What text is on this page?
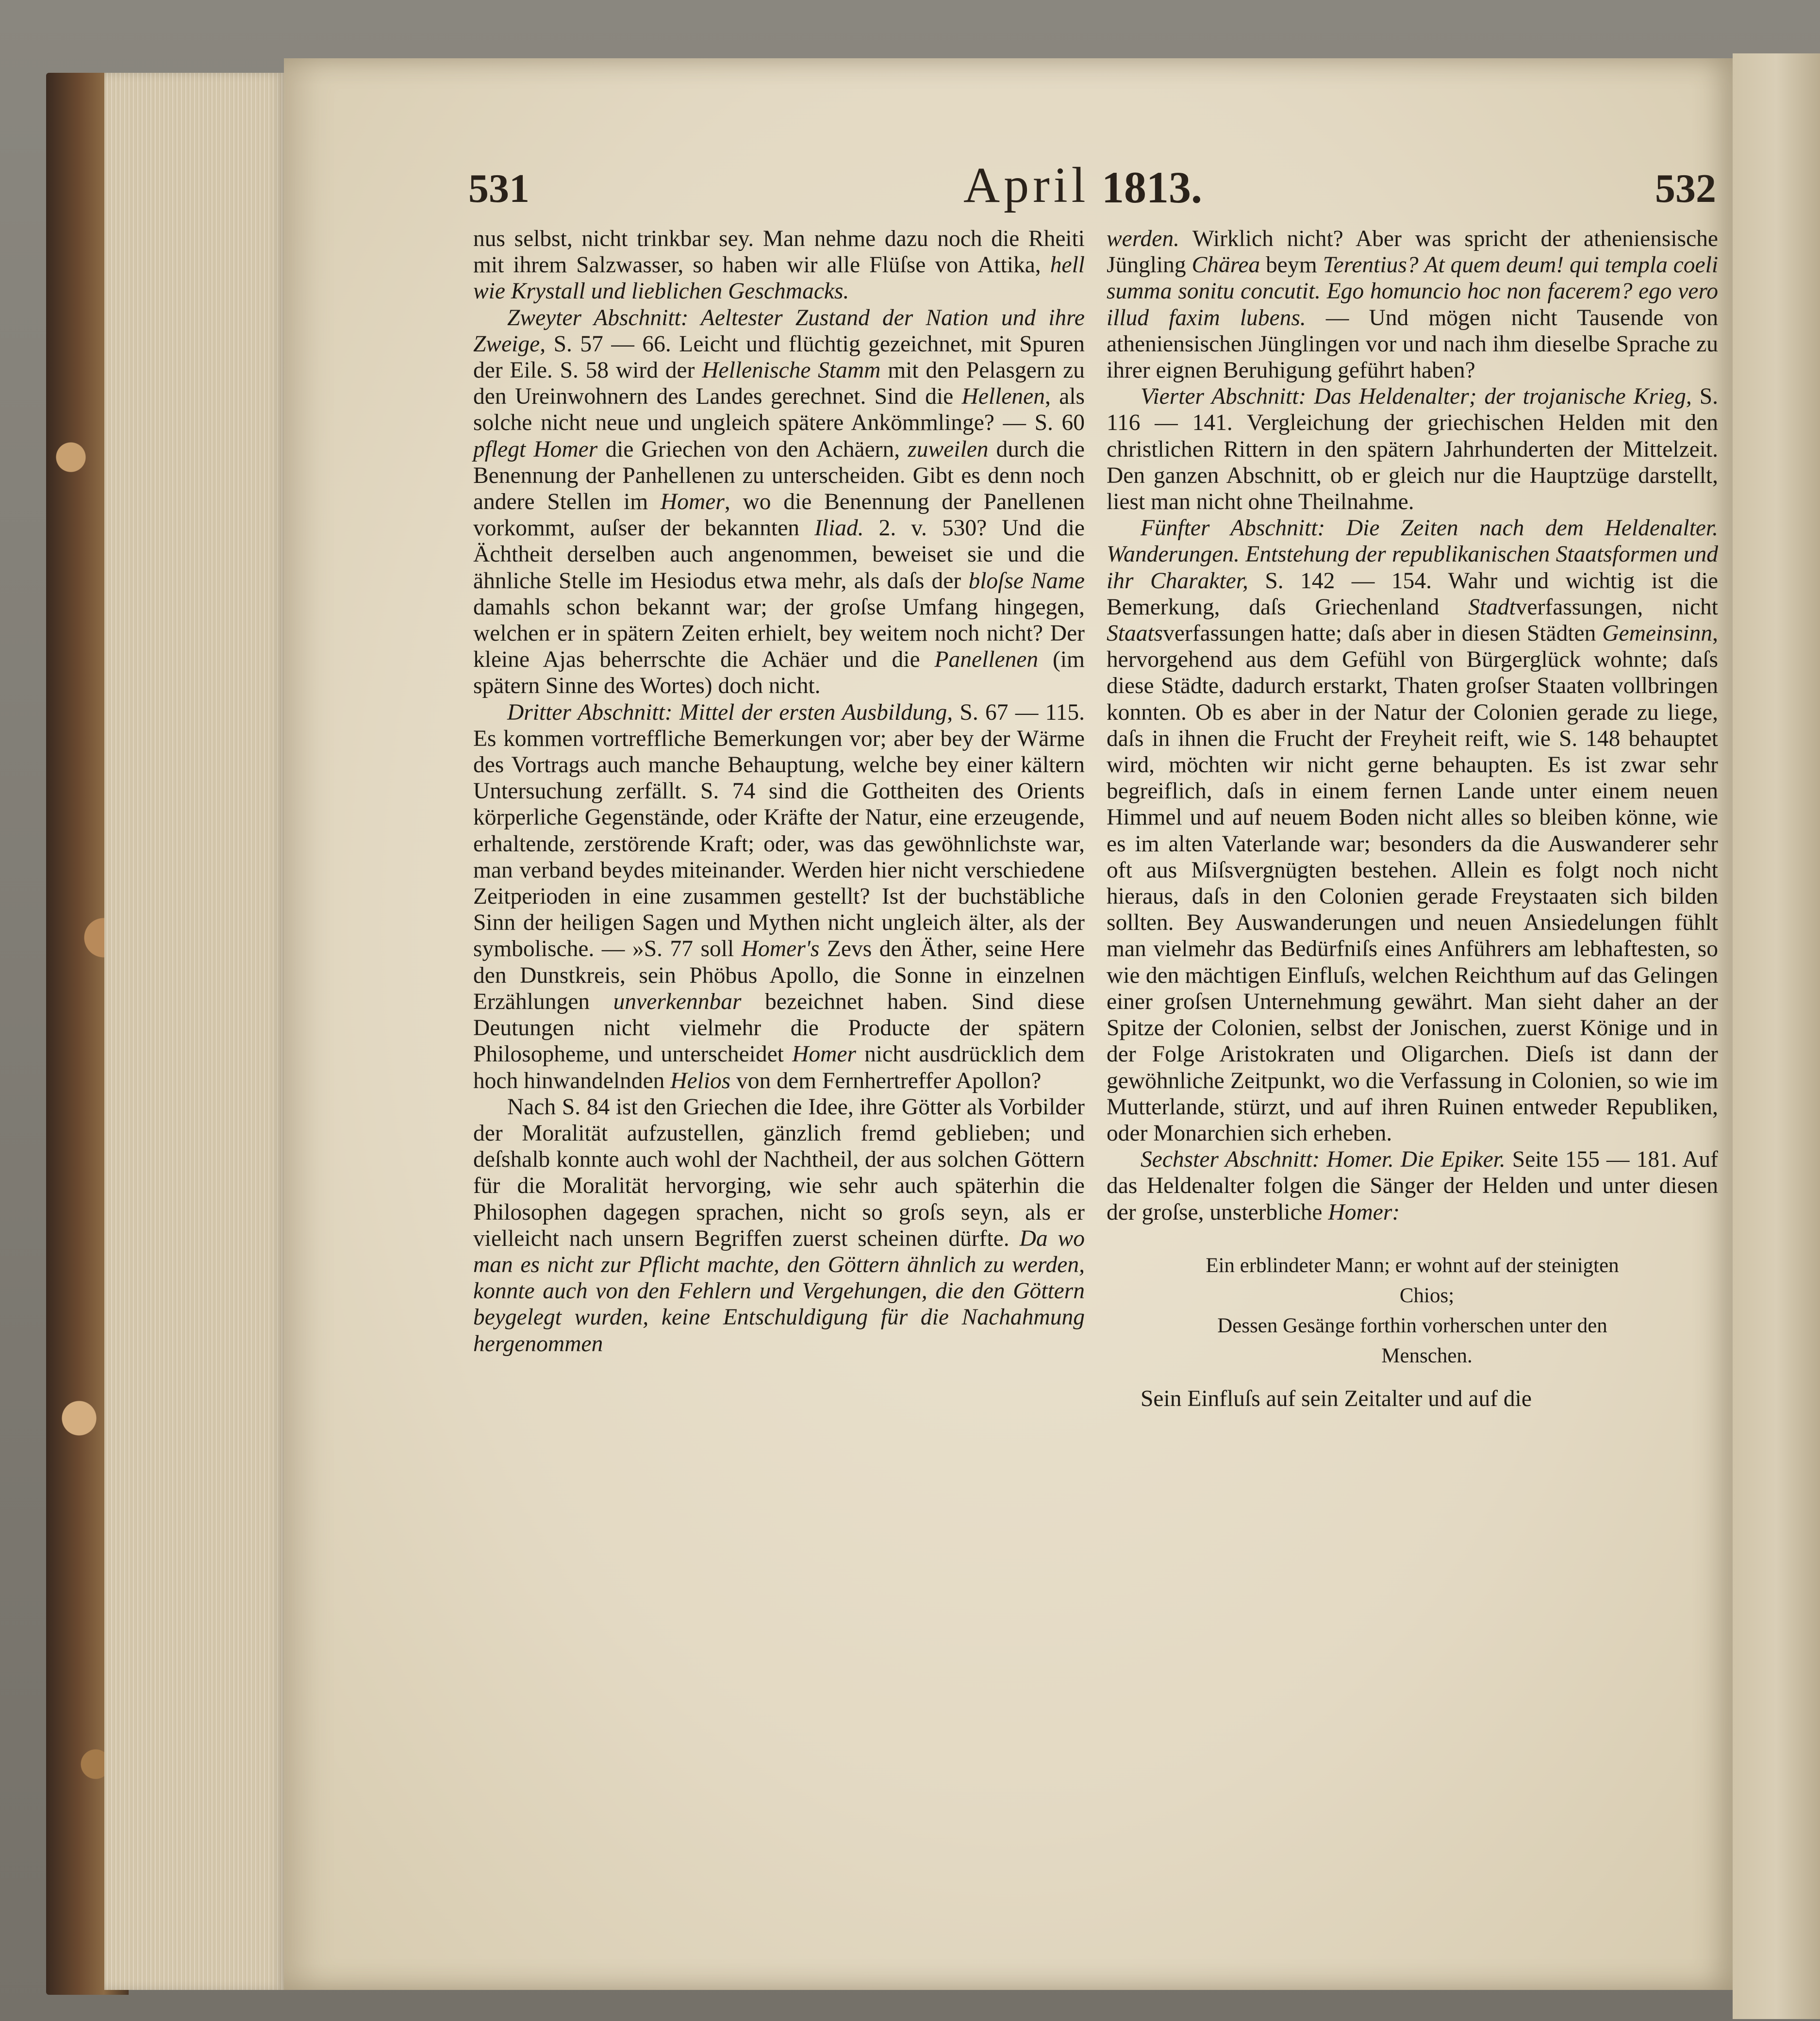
531	April 1813.	532

nus selbst, nicht trinkbar sey. Man nehme dazu noch die Rheiti mit ihrem Salzwasser, so haben wir alle Flüſse von Attika, hell wie Krystall und lieblichen Geschmacks.

Zweyter Abschnitt: Aeltester Zustand der Nation und ihre Zweige, S. 57 — 66. Leicht und flüchtig gezeichnet, mit Spuren der Eile. S. 58 wird der Hellenische Stamm mit den Pelasgern zu den Ureinwohnern des Landes gerechnet. Sind die Hellenen, als solche nicht neue und ungleich spätere Ankömmlinge? — S. 60 pflegt Homer die Griechen von den Achäern, zuweilen durch die Benennung der Panhellenen zu unterscheiden. Gibt es denn noch andere Stellen im Homer, wo die Benennung der Panellenen vorkommt, auſser der bekannten Iliad. 2. v. 530? Und die Ächtheit derselben auch angenommen, beweiset sie und die ähnliche Stelle im Hesiodus etwa mehr, als daſs der bloſse Name damahls schon bekannt war; der groſse Umfang hingegen, welchen er in spätern Zeiten erhielt, bey weitem noch nicht? Der kleine Ajas beherrschte die Achäer und die Panellenen (im spätern Sinne des Wortes) doch nicht.

Dritter Abschnitt: Mittel der ersten Ausbildung, S. 67 — 115. Es kommen vortreffliche Bemerkungen vor; aber bey der Wärme des Vortrags auch manche Behauptung, welche bey einer kältern Untersuchung zerfällt. S. 74 sind die Gottheiten des Orients körperliche Gegenstände, oder Kräfte der Natur, eine erzeugende, erhaltende, zerstörende Kraft; oder, was das gewöhnlichste war, man verband beydes miteinander. Werden hier nicht verschiedene Zeitperioden in eine zusammen gestellt? Ist der buchstäbliche Sinn der heiligen Sagen und Mythen nicht ungleich älter, als der symbolische. — »S. 77 soll Homer's Zevs den Äther, seine Here den Dunstkreis, sein Phöbus Apollo, die Sonne in einzelnen Erzählungen unverkennbar bezeichnet haben. Sind diese Deutungen nicht vielmehr die Producte der spätern Philosopheme, und unterscheidet Homer nicht ausdrücklich dem hoch hinwandelnden Helios von dem Fernhertreffer Apollon?

Nach S. 84 ist den Griechen die Idee, ihre Götter als Vorbilder der Moralität aufzustellen, gänzlich fremd geblieben; und deſshalb konnte auch wohl der Nachtheil, der aus solchen Göttern für die Moralität hervorging, wie sehr auch späterhin die Philosophen dagegen sprachen, nicht so groſs seyn, als er vielleicht nach unsern Begriffen zuerst scheinen dürfte. Da wo man es nicht zur Pflicht machte, den Göttern ähnlich zu werden, konnte auch von den Fehlern und Vergehungen, die den Göttern beygelegt wurden, keine Entschuldigung für die Nachahmung hergenommen

werden. Wirklich nicht? Aber was spricht der atheniensische Jüngling Chärea beym Terentius? At quem deum! qui templa coeli summa sonitu concutit. Ego homuncio hoc non facerem? ego vero illud faxim lubens. — Und mögen nicht Tausende von atheniensischen Jünglingen vor und nach ihm dieselbe Sprache zu ihrer eignen Beruhigung geführt haben?

Vierter Abschnitt: Das Heldenalter; der trojanische Krieg, S. 116 — 141. Vergleichung der griechischen Helden mit den christlichen Rittern in den spätern Jahrhunderten der Mittelzeit. Den ganzen Abschnitt, ob er gleich nur die Hauptzüge darstellt, liest man nicht ohne Theilnahme.

Fünfter Abschnitt: Die Zeiten nach dem Heldenalter. Wanderungen. Entstehung der republikanischen Staatsformen und ihr Charakter, S. 142 — 154. Wahr und wichtig ist die Bemerkung, daſs Griechenland Stadtverfassungen, nicht Staatsverfassungen hatte; daſs aber in diesen Städten Gemeinsinn, hervorgehend aus dem Gefühl von Bürgerglück wohnte; daſs diese Städte, dadurch erstarkt, Thaten groſser Staaten vollbringen konnten. Ob es aber in der Natur der Colonien gerade zu liege, daſs in ihnen die Frucht der Freyheit reift, wie S. 148 behauptet wird, möchten wir nicht gerne behaupten. Es ist zwar sehr begreiflich, daſs in einem fernen Lande unter einem neuen Himmel und auf neuem Boden nicht alles so bleiben könne, wie es im alten Vaterlande war; besonders da die Auswanderer sehr oft aus Miſsvergnügten bestehen. Allein es folgt noch nicht hieraus, daſs in den Colonien gerade Freystaaten sich bilden sollten. Bey Auswanderungen und neuen Ansiedelungen fühlt man vielmehr das Bedürfniſs eines Anführers am lebhaftesten, so wie den mächtigen Einfluſs, welchen Reichthum auf das Gelingen einer groſsen Unternehmung gewährt. Man sieht daher an der Spitze der Colonien, selbst der Jonischen, zuerst Könige und in der Folge Aristokraten und Oligarchen. Dieſs ist dann der gewöhnliche Zeitpunkt, wo die Verfassung in Colonien, so wie im Mutterlande, stürzt, und auf ihren Ruinen entweder Republiken, oder Monarchien sich erheben.

Sechster Abschnitt: Homer. Die Epiker. Seite 155 — 181. Auf das Heldenalter folgen die Sänger der Helden und unter diesen der groſse, unsterbliche Homer:

Ein erblindeter Mann; er wohnt auf der steinigten
Chios;
Dessen Gesänge forthin vorherschen unter den
Menschen.

Sein Einfluſs auf sein Zeitalter und auf die
